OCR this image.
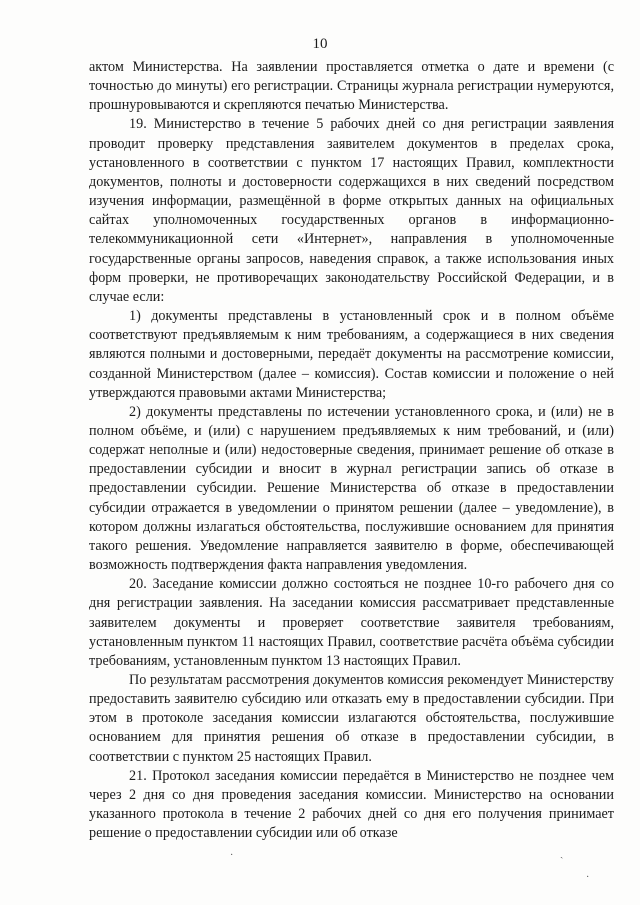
10

актом Министерства. На заявлении проставляется отметка о дате и времени (с точностью до минуты) его регистрации. Страницы журнала регистрации нумеруются, прошнуровываются и скрепляются печатью Министерства.

19. Министерство в течение 5 рабочих дней со дня регистрации заявления проводит проверку представления заявителем документов в пределах срока, установленного в соответствии с пунктом 17 настоящих Правил, комплектности документов, полноты и достоверности содержащихся в них сведений посредством изучения информации, размещённой в форме открытых данных на официальных сайтах уполномоченных государственных органов в информационно-телекоммуникационной сети «Интернет», направления в уполномоченные государственные органы запросов, наведения справок, а также использования иных форм проверки, не противоречащих законодательству Российской Федерации, и в случае если:

1) документы представлены в установленный срок и в полном объёме соответствуют предъявляемым к ним требованиям, а содержащиеся в них сведения являются полными и достоверными, передаёт документы на рассмотрение комиссии, созданной Министерством (далее – комиссия). Состав комиссии и положение о ней утверждаются правовыми актами Министерства;

2) документы представлены по истечении установленного срока, и (или) не в полном объёме, и (или) с нарушением предъявляемых к ним требований, и (или) содержат неполные и (или) недостоверные сведения, принимает решение об отказе в предоставлении субсидии и вносит в журнал регистрации запись об отказе в предоставлении субсидии. Решение Министерства об отказе в предоставлении субсидии отражается в уведомлении о принятом решении (далее – уведомление), в котором должны излагаться обстоятельства, послужившие основанием для принятия такого решения. Уведомление направляется заявителю в форме, обеспечивающей возможность подтверждения факта направления уведомления.

20. Заседание комиссии должно состояться не позднее 10-го рабочего дня со дня регистрации заявления. На заседании комиссия рассматривает представленные заявителем документы и проверяет соответствие заявителя требованиям, установленным пунктом 11 настоящих Правил, соответствие расчёта объёма субсидии требованиям, установленным пунктом 13 настоящих Правил.

По результатам рассмотрения документов комиссия рекомендует Министерству предоставить заявителю субсидию или отказать ему в предоставлении субсидии. При этом в протоколе заседания комиссии излагаются обстоятельства, послужившие основанием для принятия решения об отказе в предоставлении субсидии, в соответствии с пунктом 25 настоящих Правил.

21. Протокол заседания комиссии передаётся в Министерство не позднее чем через 2 дня со дня проведения заседания комиссии. Министерство на основании указанного протокола в течение 2 рабочих дней со дня его получения принимает решение о предоставлении субсидии или об отказе

·	ˎ
·
